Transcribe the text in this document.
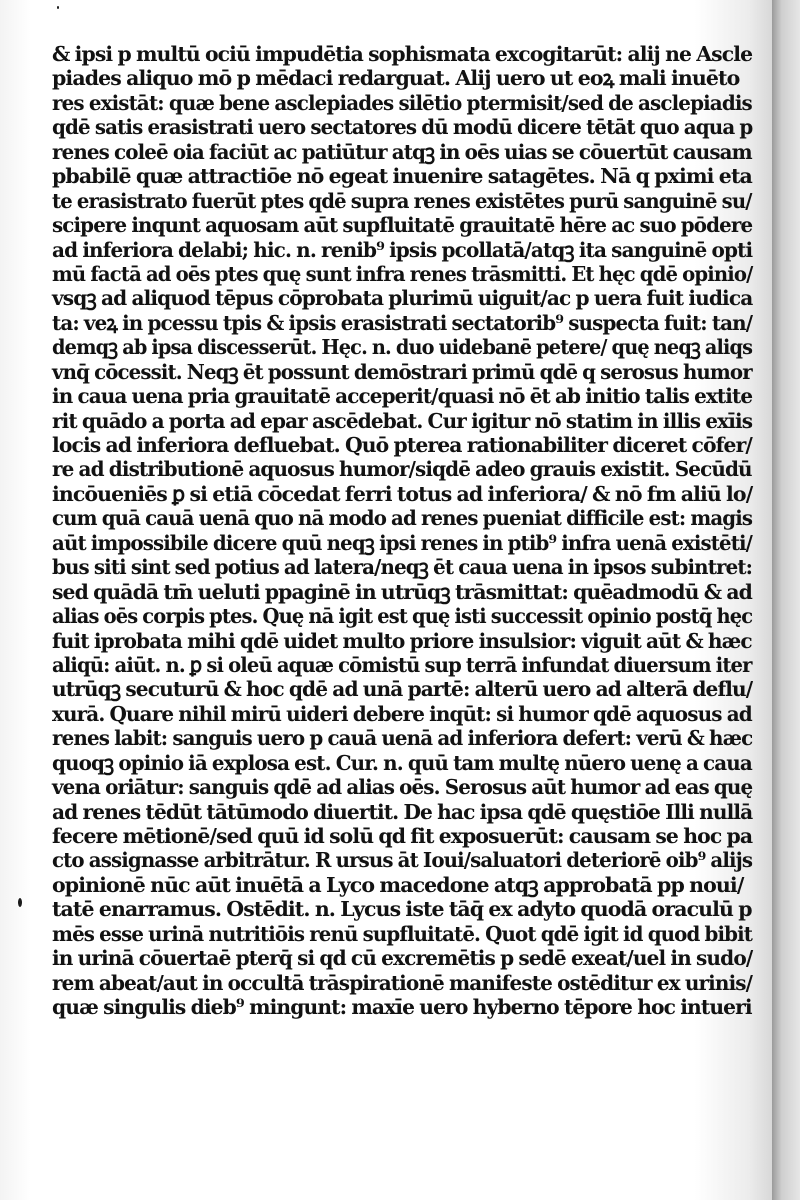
& ipsi p multū ociū impudētia sophismata excogitarūt: alij ne Ascle
piades aliquo mō p mēdaci redarguat. Alij uero ut eoꝝ mali inuēto
res existāt: quæ bene asclepiades silētio ptermisit/sed de asclepiadis
qdē satis erasistrati uero sectatores dū modū dicere tētāt quo aqua p
renes coleē oia faciūt ac patiūtur atqꝫ in oēs uias se cōuertūt causam
pbabilē quæ attractiōe nō egeat inuenire satagētes. Nā q pximi eta
te erasistrato fuerūt ptes qdē supra renes existētes purū sanguinē su/
scipere inqunt aquosam aūt supfluitatē grauitatē hēre ac suo pōdere
ad inferiora delabi; hic. n. renib⁹ ipsis pcollatā/atqꝫ ita sanguinē opti
mū factā ad oēs ptes quę sunt infra renes trāsmitti. Et hęc qdē opinio/
vsqꝫ ad aliquod tēpus cōprobata plurimū uiguit/ac p uera fuit iudica
ta: veꝝ in pcessu tpis & ipsis erasistrati sectatorib⁹ suspecta fuit: tan/
demqꝫ ab ipsa discesserūt. Hęc. n. duo uidebanē petere/ quę neqꝫ aliqs
vnq̄ cōcessit. Neqꝫ ēt possunt demōstrari primū qdē q serosus humor
in caua uena pria grauitatē acceperit/quasi nō ēt ab initio talis extite
rit quādo a porta ad epar ascēdebat. Cur igitur nō statim in illis exīis
locis ad inferiora defluebat. Quō pterea rationabiliter diceret cōfer/
re ad distributionē aquosus humor/siqdē adeo grauis existit. Secūdū
incōueniēs ꝑ si etiā cōcedat ferri totus ad inferiora/ & nō fm aliū lo/
cum quā cauā uenā quo nā modo ad renes pueniat difficile est: magis
aūt impossibile dicere quū neqꝫ ipsi renes in ptib⁹ infra uenā existēti/
bus siti sint sed potius ad latera/neqꝫ ēt caua uena in ipsos subintret:
sed quādā tm̄ ueluti ppaginē in utrūqꝫ trāsmittat: quēadmodū & ad
alias oēs corpis ptes. Quę nā igit est quę isti successit opinio postq̄ hęc
fuit iprobata mihi qdē uidet multo priore insulsior: viguit aūt & hæc
aliqū: aiūt. n. ꝑ si oleū aquæ cōmistū sup terrā infundat diuersum iter
utrūqꝫ secuturū & hoc qdē ad unā partē: alterū uero ad alterā deflu/
xurā. Quare nihil mirū uideri debere inqūt: si humor qdē aquosus ad
renes labit: sanguis uero p cauā uenā ad inferiora defert: verū & hæc
quoqꝫ opinio iā explosa est. Cur. n. quū tam multę nūero uenę a caua
vena oriātur: sanguis qdē ad alias oēs. Serosus aūt humor ad eas quę
ad renes tēdūt tātūmodo diuertit. De hac ipsa qdē quęstiōe Illi nullā
fecere mētionē/sed quū id solū qd fit exposuerūt: causam se hoc pa
cto assignasse arbitrātur. R ursus āt Ioui/saluatori deteriorē oib⁹ alijs
opinionē nūc aūt inuētā a Lyco macedone atqꝫ approbatā pp noui/
tatē enarramus. Ostēdit. n. Lycus iste tāq̄ ex adyto quodā oraculū p
mēs esse urinā nutritiōis renū supfluitatē. Quot qdē igit id quod bibit
in urinā cōuertaē pterq̄ si qd cū excremētis p sedē exeat/uel in sudo/
rem abeat/aut in occultā trāspirationē manifeste ostēditur ex urinis/
quæ singulis dieb⁹ mingunt: maxīe uero hyberno tēpore hoc intueri
